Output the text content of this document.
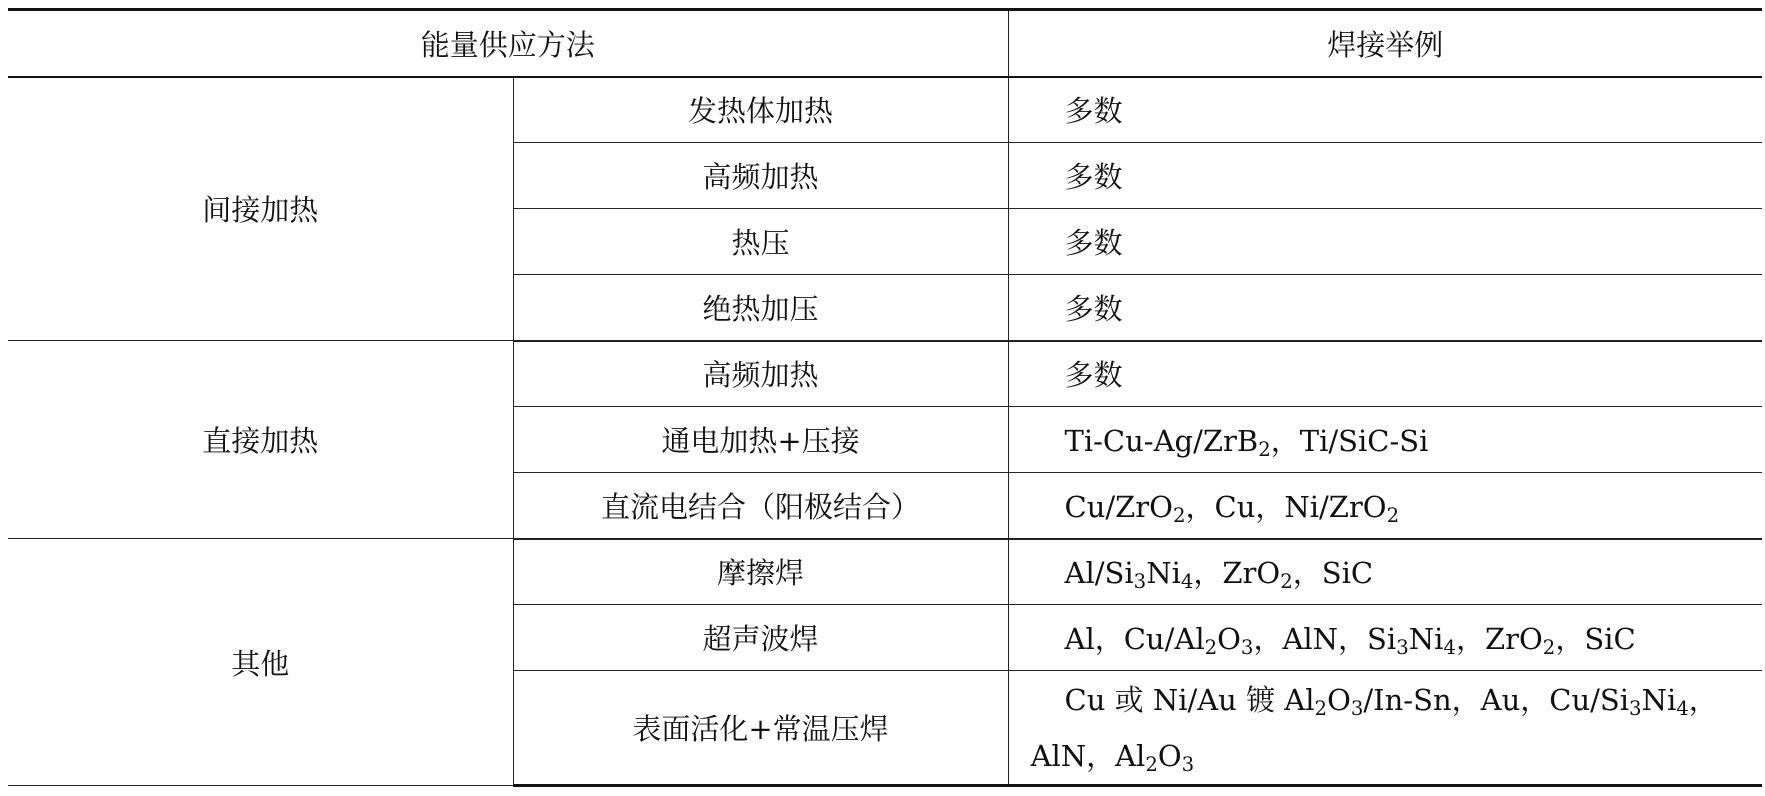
能量供应方法		焊接举例
间接加热	发热体加热	多数
	高频加热	多数
	热压	多数
	绝热加压	多数
直接加热	高频加热	多数
	通电加热+压接	Ti-Cu-Ag/ZrB$_2$，Ti/SiC-Si
	直流电结合（阳极结合）	Cu/ZrO$_2$，Cu，Ni/ZrO$_2$
其他	摩擦焊	$Al/Si_3Ni_4$，ZrO$_2$，SiC
	超声波焊	Al，$Cu/Al_2O_3$，AlN，$Si_3Ni_4$，ZrO$_2$，SiC
	表面活化+常温压焊	Cu 或 Ni/Au 镀 $Al_2O_3/In-Sn$，Au，$Cu/Si_3Ni_4$，AlN，$Al_2O_3$
